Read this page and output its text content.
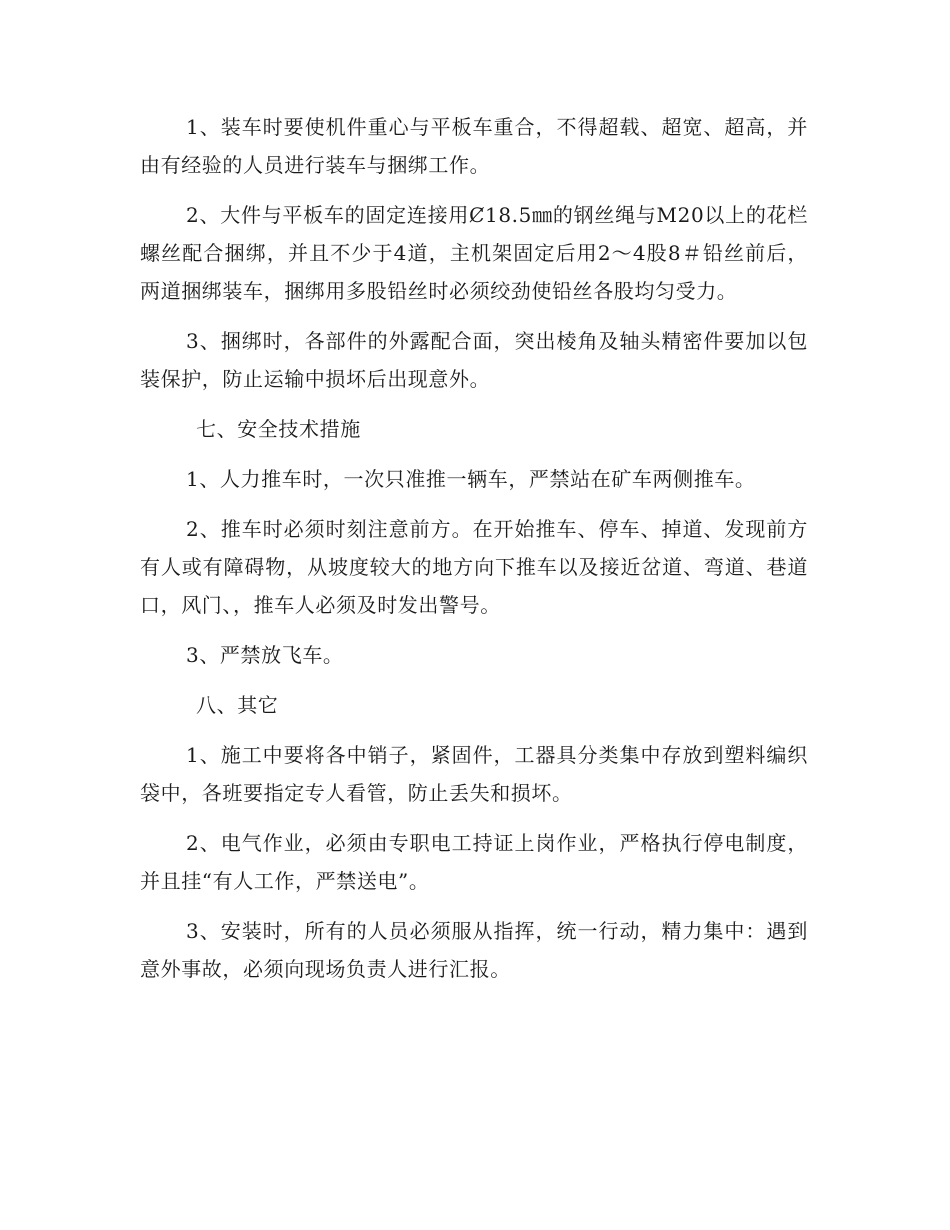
1、装车时要使机件重心与平板车重合，不得超载、超宽、超高，并由有经验的人员进行装车与捆绑工作。

2、大件与平板车的固定连接用Ȼ18.5㎜的钢丝绳与M20以上的花栏螺丝配合捆绑，并且不少于4道，主机架固定后用2～4股8＃铅丝前后，两道捆绑装车，捆绑用多股铅丝时必须绞劲使铅丝各股均匀受力。

3、捆绑时，各部件的外露配合面，突出棱角及轴头精密件要加以包装保护，防止运输中损坏后出现意外。

七、安全技术措施

1、人力推车时，一次只准推一辆车，严禁站在矿车两侧推车。

2、推车时必须时刻注意前方。在开始推车、停车、掉道、发现前方有人或有障碍物，从坡度较大的地方向下推车以及接近岔道、弯道、巷道口，风门、，推车人必须及时发出警号。

3、严禁放飞车。

八、其它

1、施工中要将各中销子，紧固件，工器具分类集中存放到塑料编织袋中，各班要指定专人看管，防止丢失和损坏。

2、电气作业，必须由专职电工持证上岗作业，严格执行停电制度，并且挂“有人工作，严禁送电”。

3、安装时，所有的人员必须服从指挥，统一行动，精力集中：遇到意外事故，必须向现场负责人进行汇报。
